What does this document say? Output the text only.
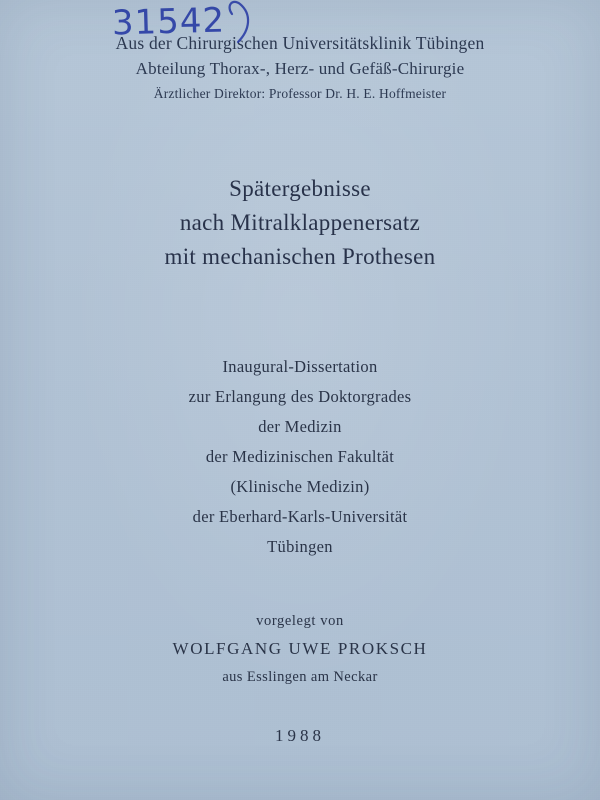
Aus der Chirurgischen Universitätsklinik Tübingen
Abteilung Thorax-, Herz- und Gefäß-Chirurgie
Ärztlicher Direktor: Professor Dr. H. E. Hoffmeister
31542
Spätergebnisse
nach Mitralklappenersatz
mit mechanischen Prothesen
Inaugural-Dissertation
zur Erlangung des Doktorgrades
der Medizin
der Medizinischen Fakultät
(Klinische Medizin)
der Eberhard-Karls-Universität
Tübingen
vorgelegt von
WOLFGANG UWE PROKSCH
aus Esslingen am Neckar
1988
